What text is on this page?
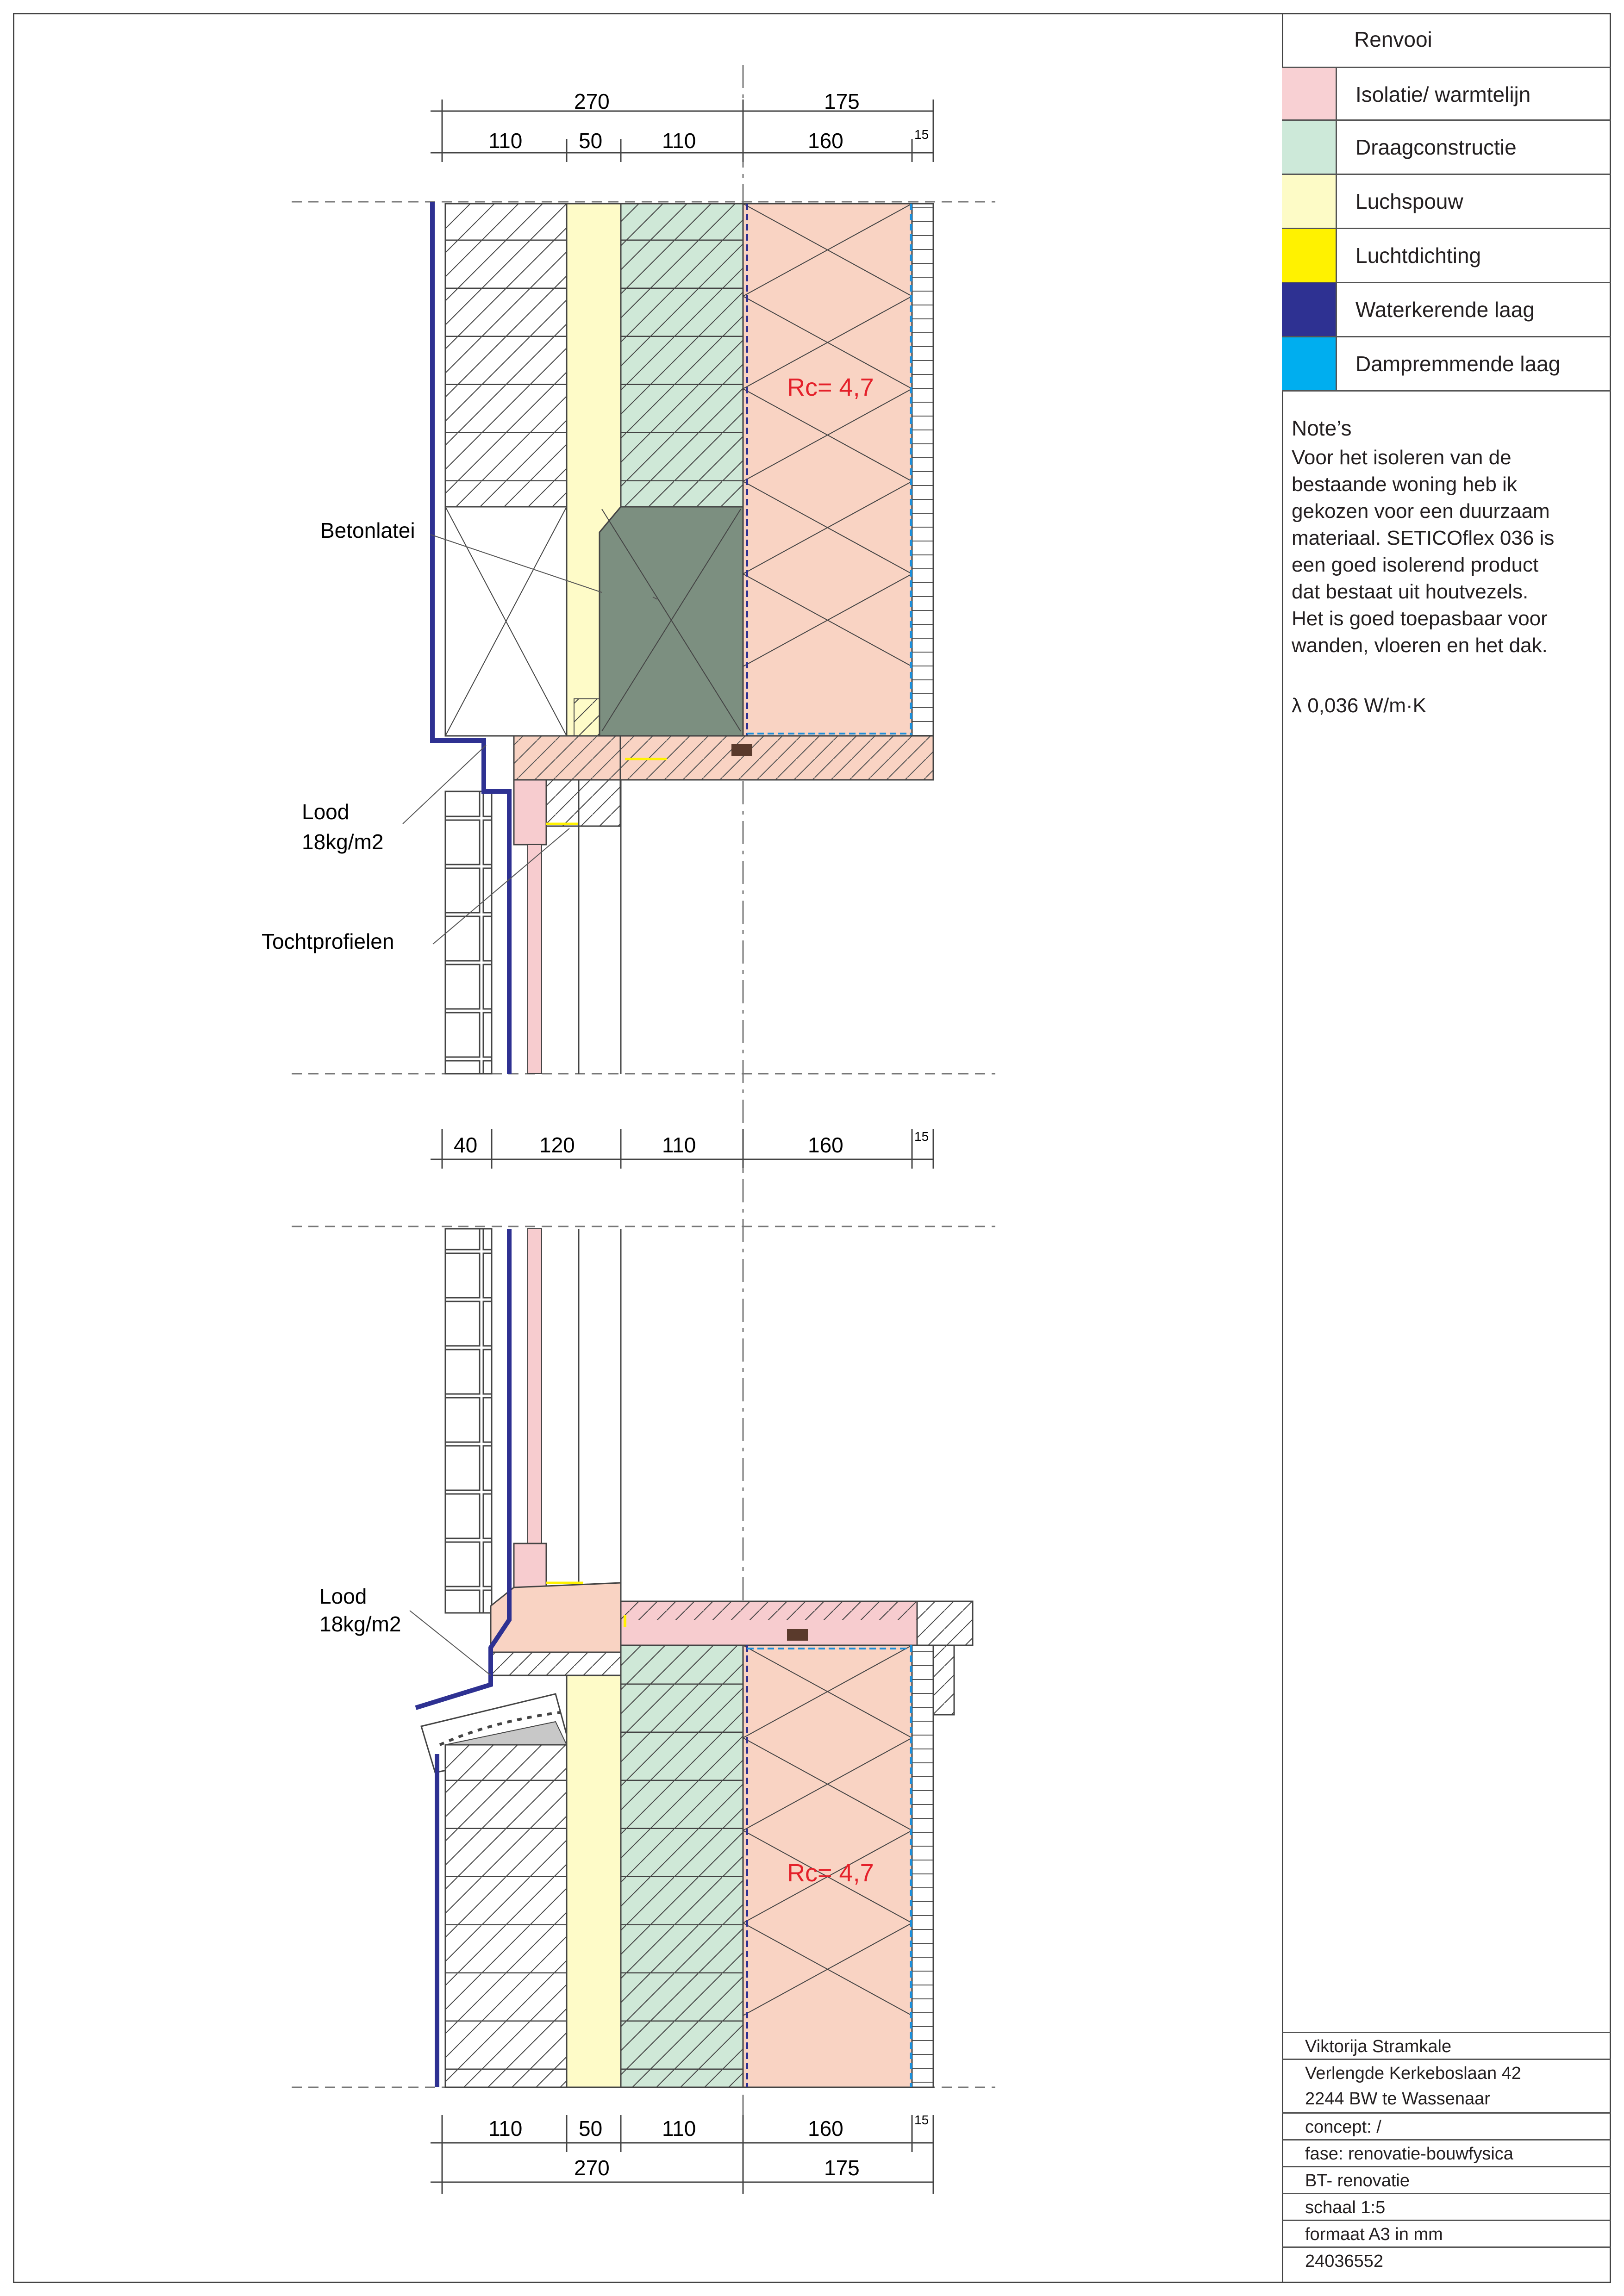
Renvooi
Isolatie/ warmtelijn
Draagconstructie
Luchspouw
Luchtdichting
Waterkerende laag
Dampremmende laag
Note’s
Voor het isoleren van de
bestaande woning heb ik
gekozen voor een duurzaam
materiaal. SETICOflex 036 is
een goed isolerend product
dat bestaat uit houtvezels.
Het is goed toepasbaar voor
wanden, vloeren en het dak.
λ 0,036 W/m·K
Viktorija Stramkale
Verlengde Kerkeboslaan 42
2244 BW te Wassenaar
concept: /
fase: renovatie-bouwfysica
BT- renovatie
schaal 1:5
formaat A3 in mm
24036552
Rc= 4,7
Betonlatei
Lood
18kg/m2
Tochtprofielen
270	175
110	50	110	160	15
40	120	110	160	15
Rc= 4,7
Lood
18kg/m2
110	50	110	160	15
270	175
